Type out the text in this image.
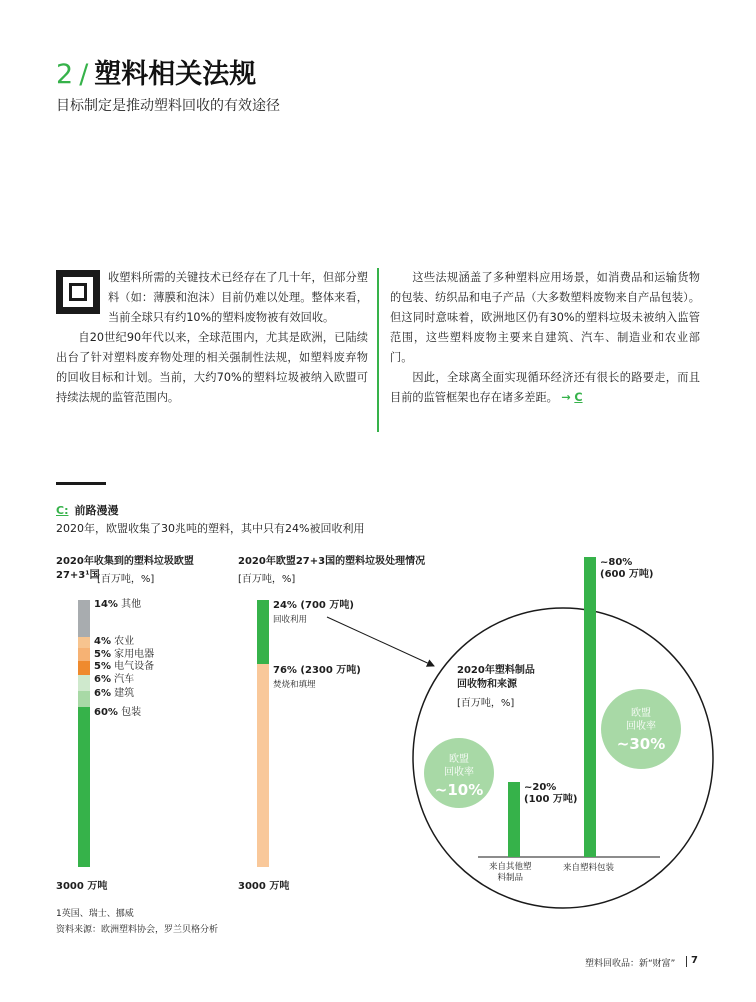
2 / 塑料相关法规
目标制定是推动塑料回收的有效途径

收塑料所需的关键技术已经存在了几十年，但部分塑料（如：薄膜和泡沫）目前仍难以处理。整体来看，当前全球只有约10%的塑料废物被有效回收。

自20世纪90年代以来，全球范围内，尤其是欧洲，已陆续出台了针对塑料废弃物处理的相关强制性法规，如塑料废弃物的回收目标和计划。当前，大约70%的塑料垃圾被纳入欧盟可持续法规的监管范围内。

这些法规涵盖了多种塑料应用场景，如消费品和运输货物的包装、纺织品和电子产品（大多数塑料废物来自产品包装）。但这同时意味着，欧洲地区仍有30%的塑料垃圾未被纳入监管范围，这些塑料废物主要来自建筑、汽车、制造业和农业部门。

因此，全球离全面实现循环经济还有很长的路要走，而且目前的监管框架也存在诸多差距。 → C

C: 前路漫漫
2020年，欧盟收集了30兆吨的塑料，其中只有24%被回收利用
2020年收集到的塑料垃圾欧盟
27+3¹国
[百万吨，%]
14% 其他
4% 农业
5% 家用电器
5% 电气设备
6% 汽车
6% 建筑
60% 包装
3000 万吨
2020年欧盟27+3国的塑料垃圾处理情况
[百万吨，%]
24% (700 万吨)
回收利用
76% (2300 万吨)
焚烧和填埋
3000 万吨
2020年塑料制品
回收物和来源
[百万吨，%]
~20%
(100 万吨)
~80%
(600 万吨)
欧盟
回收率
~10%
欧盟
回收率
~30%
来自其他塑
料制品
来自塑料包装
1英国、瑞士、挪威
资料来源：欧洲塑料协会，罗兰贝格分析
塑料回收品：新“财富” 7
